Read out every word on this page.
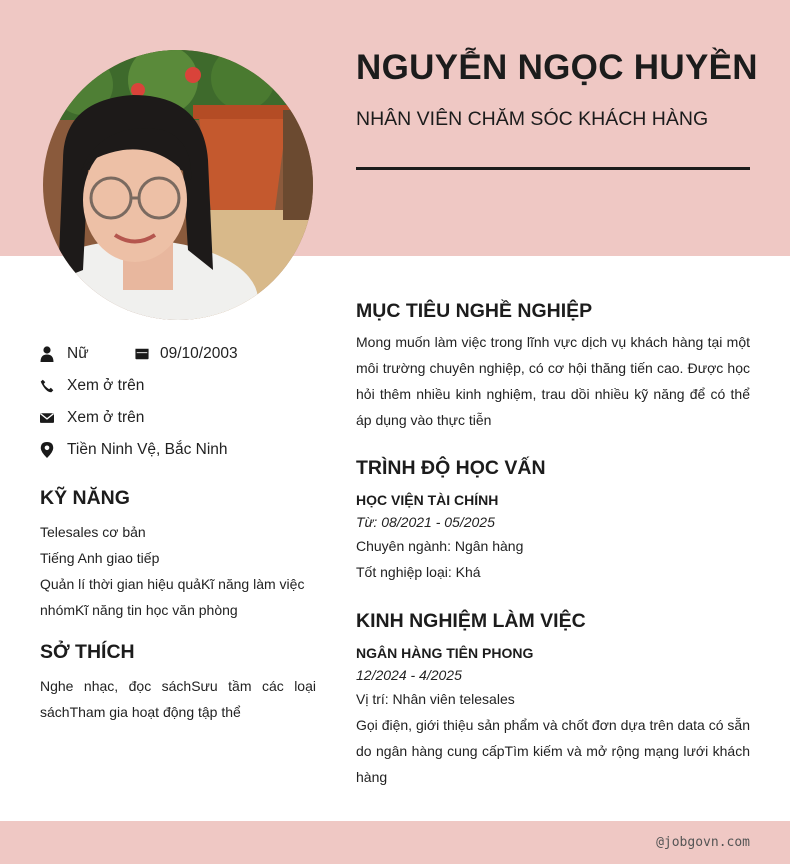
@jobgovn.com
NGUYỄN NGỌC HUYỀN
NHÂN VIÊN CHĂM SÓC KHÁCH HÀNG
Nữ	09/10/2003
Xem ở trên
Xem ở trên
Tiền Ninh Vệ, Bắc Ninh
KỸ NĂNG
Telesales cơ bản
Tiếng Anh giao tiếp
Quản lí thời gian hiệu quảKĩ năng làm việc nhómKĩ năng tin học văn phòng
SỞ THÍCH
Nghe nhạc, đọc sáchSưu tầm các loại sáchTham gia hoạt động tập thể
MỤC TIÊU NGHỀ NGHIỆP
Mong muốn làm việc trong lĩnh vực dịch vụ khách hàng tại một môi trường chuyên nghiệp, có cơ hội thăng tiến cao. Được học hỏi thêm nhiều kinh nghiệm, trau dồi nhiều kỹ năng để có thể áp dụng vào thực tiễn
TRÌNH ĐỘ HỌC VẤN
HỌC VIỆN TÀI CHÍNH
Từ: 08/2021 - 05/2025
Chuyên ngành: Ngân hàng
Tốt nghiệp loại: Khá
KINH NGHIỆM LÀM VIỆC
NGÂN HÀNG TIÊN PHONG
12/2024 - 4/2025
Vị trí: Nhân viên telesales
Gọi điện, giới thiệu sản phẩm và chốt đơn dựa trên data có sẵn do ngân hàng cung cấpTìm kiếm và mở rộng mạng lưới khách hàng
